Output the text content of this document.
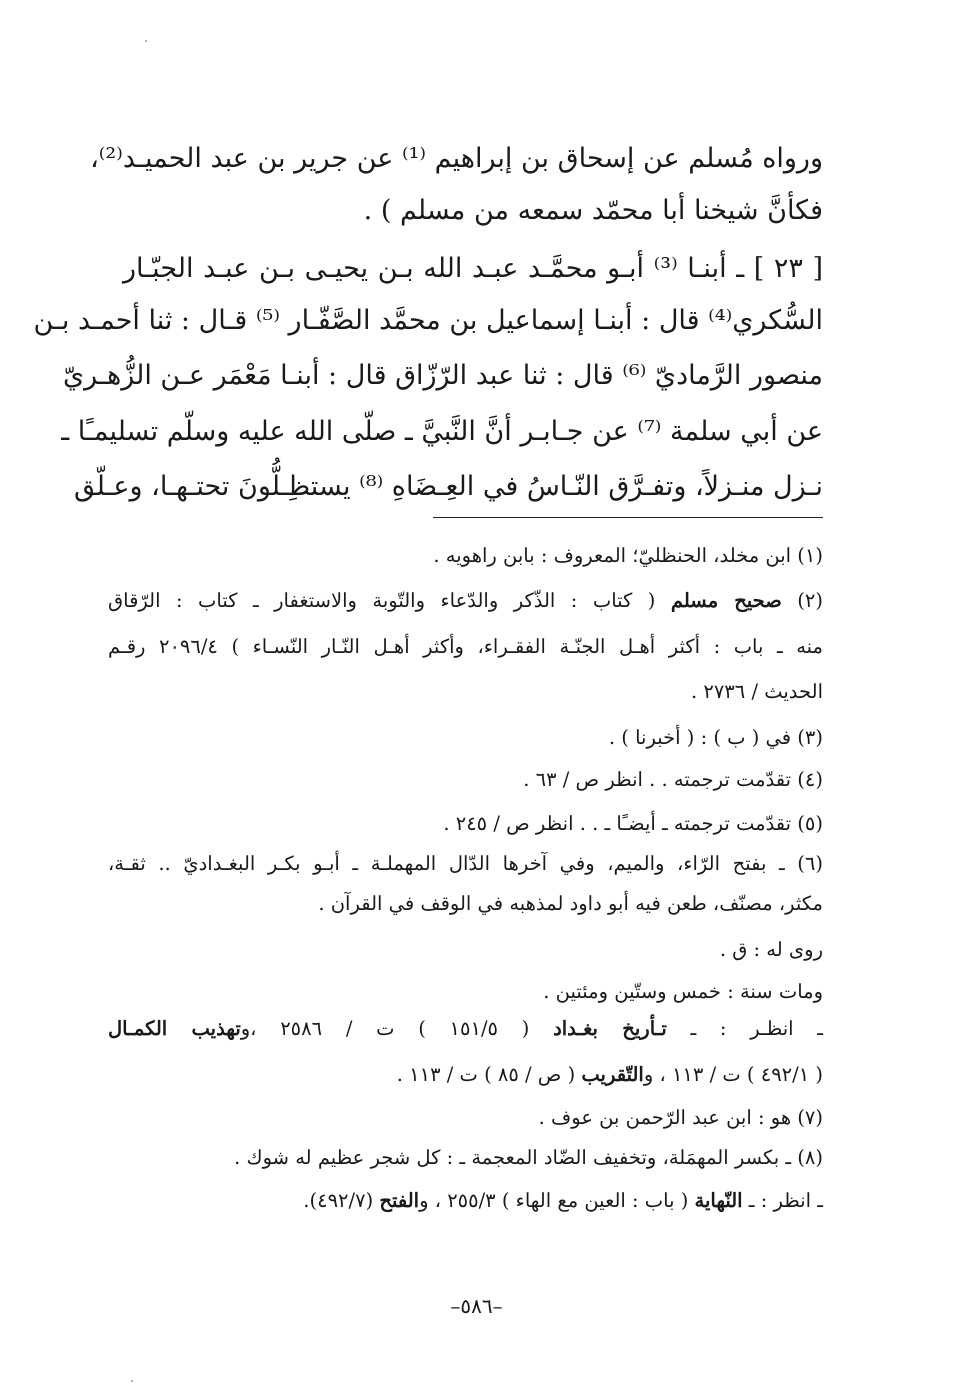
ورواه مُسلم عن إسحاق بن إبراهيم ⁽¹⁾ عن جرير بن عبد الحميـد⁽²⁾،
فكأنَّ شيخنا أبا محمّد سمعه من مسلم ) .
[ ٢٣ ] ـ أبنـا ⁽³⁾ أبـو محمَّـد عبـد الله بـن يحيـى بـن عبـد الجبّـار
السُّكري⁽⁴⁾ قال : أبنـا إسماعيل بن محمَّد الصَّفّـار ⁽⁵⁾ قـال : ثنا أحمـد بـن
منصور الرَّماديّ ⁽⁶⁾ قال : ثنا عبد الرّزّاق قال : أبنـا مَعْمَر عـن الزُّهـريّ
عن أبي سلمة ⁽⁷⁾ عن جـابـر أنَّ النَّبيَّ ـ صلّى الله عليه وسلّم تسليمـًا ـ
نـزل منـزلاً، وتفـرَّق النّـاسُ في العِـضَاهِ ⁽⁸⁾ يستظِـلُّونَ تحتـهـا، وعـلّق
(١) ابن مخلد، الحنظليّ؛ المعروف : بابن راهويه .
(٢) صحيح مسلم ( كتاب : الذّكر والدّعاء والتّوبة والاستغفار ـ كتاب : الرّقاق
منه ـ باب : أكثر أهـل الجنّـة الفقـراء، وأكثر أهـل النّـار النّسـاء ) ٢٠٩٦/٤ رقـم
الحديث / ٢٧٣٦ .
(٣) في ( ب ) : ( أخبرنا ) .
(٤) تقدّمت ترجمته . . انظر ص / ٦٣ .
(٥) تقدّمت ترجمته ـ أيضـًا ـ . . انظر ص / ٢٤٥ .
(٦) ـ بفتح الرّاء، والميم، وفي آخرها الدّال المهملـة ـ أبـو بكـر البغـداديّ .. ثقـة،
مكثر، مصنّف، طعن فيه أبو داود لمذهبه في الوقف في القرآن .
روى له : ق .
ومات سنة : خمس وستّين ومئتين .
ـ انظـر : ـ تـأريخ بغـداد ( ١٥١/٥ ) ت / ٢٥٨٦ ،وتهذيب الكمـال
( ٤٩٢/١ ) ت / ١١٣ ، والتّقريب ( ص / ٨٥ ) ت / ١١٣ .
(٧) هو : ابن عبد الرّحمن بن عوف .
(٨) ـ بكسر المهمَلة، وتخفيف الضّاد المعجمة ـ : كل شجر عظيم له شوك .
ـ انظر : ـ النّهاية ( باب : العين مع الهاء ) ٢٥٥/٣ ، والفتح (٤٩٢/٧).
–٥٨٦–
